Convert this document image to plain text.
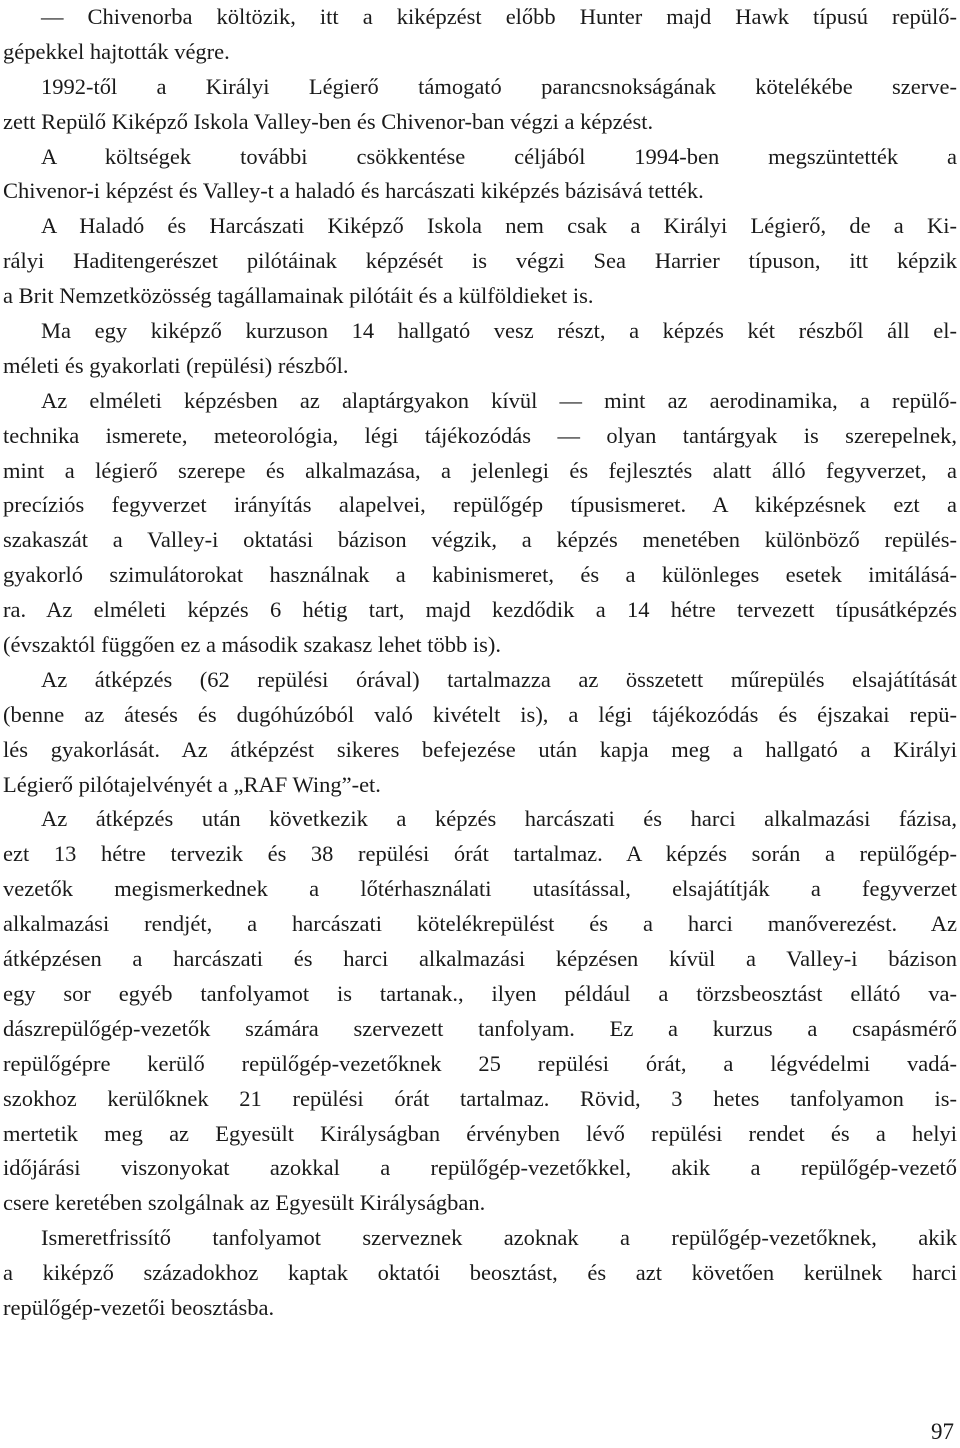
— Chivenorba költözik, itt a kiképzést előbb Hunter majd Hawk típusú repülő-
gépekkel hajtották végre.
1992-től a Királyi Légierő támogató parancsnokságának kötelékébe szerve-
zett Repülő Kiképző Iskola Valley-ben és Chivenor-ban végzi a képzést.
A költségek további csökkentése céljából 1994-ben megszüntették a
Chivenor-i képzést és Valley-t a haladó és harcászati kiképzés bázisává tették.
A Haladó és Harcászati Kiképző Iskola nem csak a Királyi Légierő, de a Ki-
rályi Haditengerészet pilótáinak képzését is végzi Sea Harrier típuson, itt képzik
a Brit Nemzetközösség tagállamainak pilótáit és a külföldieket is.
Ma egy kiképző kurzuson 14 hallgató vesz részt, a képzés két részből áll el-
méleti és gyakorlati (repülési) részből.
Az elméleti képzésben az alaptárgyakon kívül — mint az aerodinamika, a repülő-
technika ismerete, meteorológia, légi tájékozódás — olyan tantárgyak is szerepelnek,
mint a légierő szerepe és alkalmazása, a jelenlegi és fejlesztés alatt álló fegyverzet, a
precíziós fegyverzet irányítás alapelvei, repülőgép típusismeret. A kiképzésnek ezt a
szakaszát a Valley-i oktatási bázison végzik, a képzés menetében különböző repülés-
gyakorló szimulátorokat használnak a kabinismeret, és a különleges esetek imitálásá-
ra. Az elméleti képzés 6 hétig tart, majd kezdődik a 14 hétre tervezett típusátképzés
(évszaktól függően ez a második szakasz lehet több is).
Az átképzés (62 repülési órával) tartalmazza az összetett műrepülés elsajátítását
(benne az átesés és dugóhúzóból való kivételt is), a légi tájékozódás és éjszakai repü-
lés gyakorlását. Az átképzést sikeres befejezése után kapja meg a hallgató a Királyi
Légierő pilótajelvényét a „RAF Wing”-et.
Az átképzés után következik a képzés harcászati és harci alkalmazási fázisa,
ezt 13 hétre tervezik és 38 repülési órát tartalmaz. A képzés során a repülőgép-
vezetők megismerkednek a lőtérhasználati utasítással, elsajátítják a fegyverzet
alkalmazási rendjét, a harcászati kötelékrepülést és a harci manőverezést. Az
átképzésen a harcászati és harci alkalmazási képzésen kívül a Valley-i bázison
egy sor egyéb tanfolyamot is tartanak., ilyen például a törzsbeosztást ellátó va-
dászrepülőgép-vezetők számára szervezett tanfolyam. Ez a kurzus a csapásmérő
repülőgépre kerülő repülőgép-vezetőknek 25 repülési órát, a légvédelmi vadá-
szokhoz kerülőknek 21 repülési órát tartalmaz. Rövid, 3 hetes tanfolyamon is-
mertetik meg az Egyesült Királyságban érvényben lévő repülési rendet és a helyi
időjárási viszonyokat azokkal a repülőgép-vezetőkkel, akik a repülőgép-vezető
csere keretében szolgálnak az Egyesült Királyságban.
Ismeretfrissítő tanfolyamot szerveznek azoknak a repülőgép-vezetőknek, akik
a kiképző századokhoz kaptak oktatói beosztást, és azt követően kerülnek harci
repülőgép-vezetői beosztásba.
97
